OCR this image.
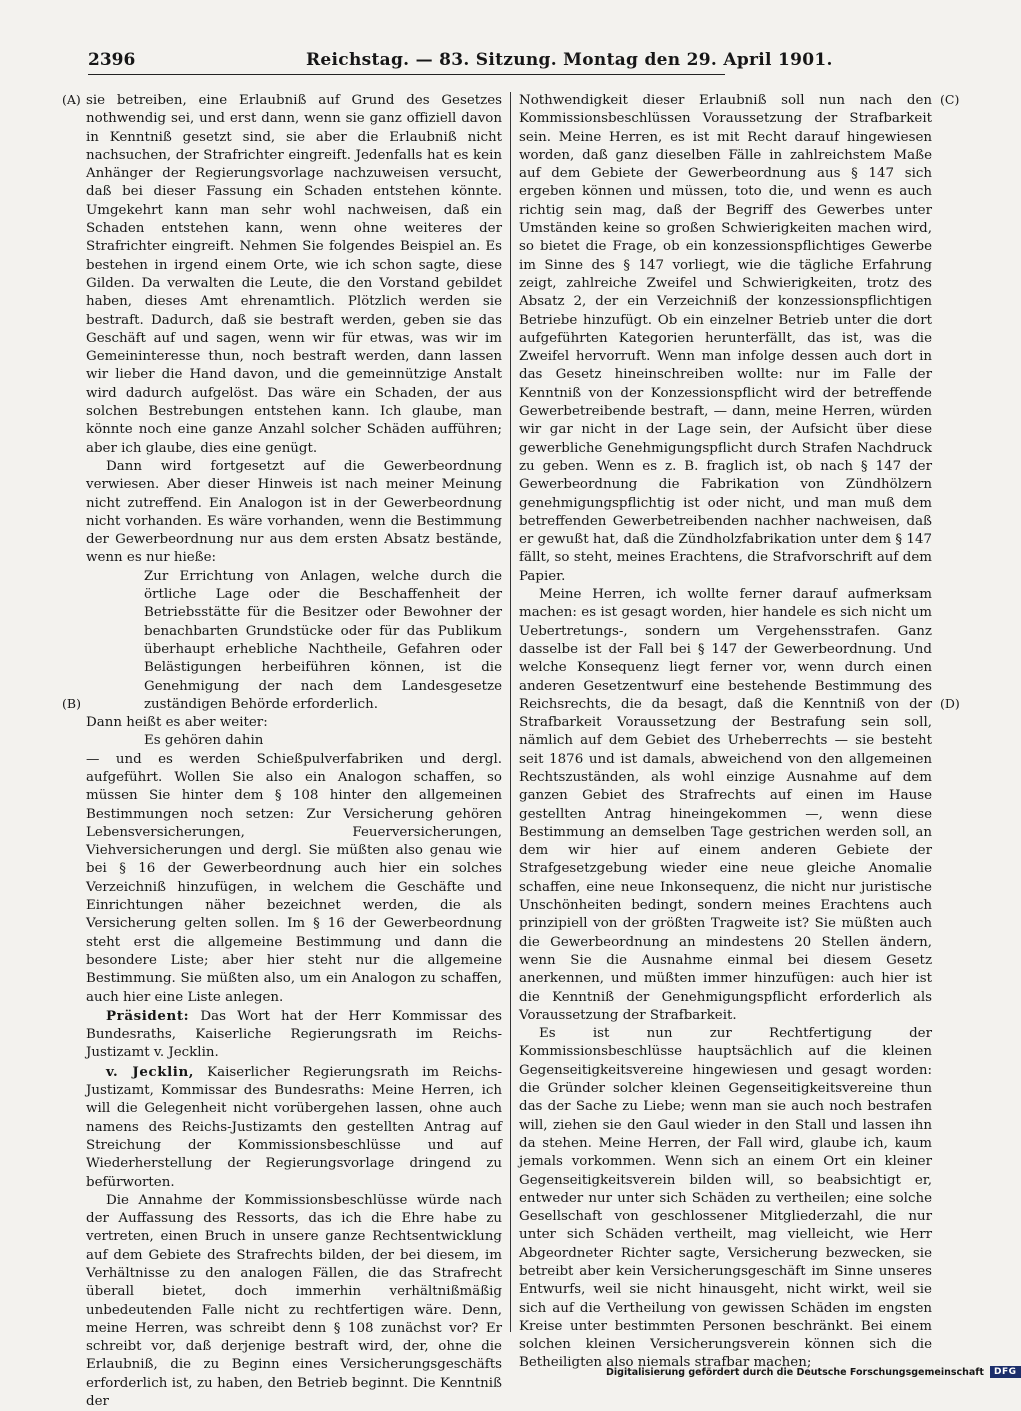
2396	Reichstag. — 83. Sitzung. Montag den 29. April 1901.
(A)
(B)
(C)
(D)

sie betreiben, eine Erlaubniß auf Grund des Gesetzes nothwendig sei, und erst dann, wenn sie ganz offiziell davon in Kenntniß gesetzt sind, sie aber die Erlaubniß nicht nachsuchen, der Strafrichter eingreift. Jedenfalls hat es kein Anhänger der Regierungsvorlage nachzuweisen versucht, daß bei dieser Fassung ein Schaden entstehen könnte. Umgekehrt kann man sehr wohl nachweisen, daß ein Schaden entstehen kann, wenn ohne weiteres der Strafrichter eingreift. Nehmen Sie folgendes Beispiel an. Es bestehen in irgend einem Orte, wie ich schon sagte, diese Gilden. Da verwalten die Leute, die den Vorstand gebildet haben, dieses Amt ehrenamtlich. Plötzlich werden sie bestraft. Dadurch, daß sie bestraft werden, geben sie das Geschäft auf und sagen, wenn wir für etwas, was wir im Gemeininteresse thun, noch bestraft werden, dann lassen wir lieber die Hand davon, und die gemeinnützige Anstalt wird dadurch aufgelöst. Das wäre ein Schaden, der aus solchen Bestrebungen entstehen kann. Ich glaube, man könnte noch eine ganze Anzahl solcher Schäden aufführen; aber ich glaube, dies eine genügt.

Dann wird fortgesetzt auf die Gewerbeordnung verwiesen. Aber dieser Hinweis ist nach meiner Meinung nicht zutreffend. Ein Analogon ist in der Gewerbeordnung nicht vorhanden. Es wäre vorhanden, wenn die Bestimmung der Gewerbeordnung nur aus dem ersten Absatz bestände, wenn es nur hieße:

Zur Errichtung von Anlagen, welche durch die örtliche Lage oder die Beschaffenheit der Betriebsstätte für die Besitzer oder Bewohner der benachbarten Grundstücke oder für das Publikum überhaupt erhebliche Nachtheile, Gefahren oder Belästigungen herbeiführen können, ist die Genehmigung der nach dem Landesgesetze zuständigen Behörde erforderlich.

Dann heißt es aber weiter:

Es gehören dahin

— und es werden Schießpulverfabriken und dergl. aufgeführt. Wollen Sie also ein Analogon schaffen, so müssen Sie hinter dem § 108 hinter den allgemeinen Bestimmungen noch setzen: Zur Versicherung gehören Lebensversicherungen, Feuerversicherungen, Viehversicherungen und dergl. Sie müßten also genau wie bei § 16 der Gewerbeordnung auch hier ein solches Verzeichniß hinzufügen, in welchem die Geschäfte und Einrichtungen näher bezeichnet werden, die als Versicherung gelten sollen. Im § 16 der Gewerbeordnung steht erst die allgemeine Bestimmung und dann die besondere Liste; aber hier steht nur die allgemeine Bestimmung. Sie müßten also, um ein Analogon zu schaffen, auch hier eine Liste anlegen.

Präsident: Das Wort hat der Herr Kommissar des Bundesraths, Kaiserliche Regierungsrath im Reichs-Justizamt v. Jecklin.

v. Jecklin, Kaiserlicher Regierungsrath im Reichs-Justizamt, Kommissar des Bundesraths: Meine Herren, ich will die Gelegenheit nicht vorübergehen lassen, ohne auch namens des Reichs-Justizamts den gestellten Antrag auf Streichung der Kommissionsbeschlüsse und auf Wiederherstellung der Regierungsvorlage dringend zu befürworten.

Die Annahme der Kommissionsbeschlüsse würde nach der Auffassung des Ressorts, das ich die Ehre habe zu vertreten, einen Bruch in unsere ganze Rechtsentwicklung auf dem Gebiete des Strafrechts bilden, der bei diesem, im Verhältnisse zu den analogen Fällen, die das Strafrecht überall bietet, doch immerhin verhältnißmäßig unbedeutenden Falle nicht zu rechtfertigen wäre. Denn, meine Herren, was schreibt denn § 108 zunächst vor? Er schreibt vor, daß derjenige bestraft wird, der, ohne die Erlaubniß, die zu Beginn eines Versicherungsgeschäfts erforderlich ist, zu haben, den Betrieb beginnt. Die Kenntniß der

Nothwendigkeit dieser Erlaubniß soll nun nach den Kommissionsbeschlüssen Voraussetzung der Strafbarkeit sein. Meine Herren, es ist mit Recht darauf hingewiesen worden, daß ganz dieselben Fälle in zahlreichstem Maße auf dem Gebiete der Gewerbeordnung aus § 147 sich ergeben können und müssen, toto die, und wenn es auch richtig sein mag, daß der Begriff des Gewerbes unter Umständen keine so großen Schwierigkeiten machen wird, so bietet die Frage, ob ein konzessionspflichtiges Gewerbe im Sinne des § 147 vorliegt, wie die tägliche Erfahrung zeigt, zahlreiche Zweifel und Schwierigkeiten, trotz des Absatz 2, der ein Verzeichniß der konzessionspflichtigen Betriebe hinzufügt. Ob ein einzelner Betrieb unter die dort aufgeführten Kategorien herunterfällt, das ist, was die Zweifel hervorruft. Wenn man infolge dessen auch dort in das Gesetz hineinschreiben wollte: nur im Falle der Kenntniß von der Konzessionspflicht wird der betreffende Gewerbetreibende bestraft, — dann, meine Herren, würden wir gar nicht in der Lage sein, der Aufsicht über diese gewerbliche Genehmigungspflicht durch Strafen Nachdruck zu geben. Wenn es z. B. fraglich ist, ob nach § 147 der Gewerbeordnung die Fabrikation von Zündhölzern genehmigungspflichtig ist oder nicht, und man muß dem betreffenden Gewerbetreibenden nachher nachweisen, daß er gewußt hat, daß die Zündholzfabrikation unter dem § 147 fällt, so steht, meines Erachtens, die Strafvorschrift auf dem Papier.

Meine Herren, ich wollte ferner darauf aufmerksam machen: es ist gesagt worden, hier handele es sich nicht um Uebertretungs-, sondern um Vergehensstrafen. Ganz dasselbe ist der Fall bei § 147 der Gewerbeordnung. Und welche Konsequenz liegt ferner vor, wenn durch einen anderen Gesetzentwurf eine bestehende Bestimmung des Reichsrechts, die da besagt, daß die Kenntniß von der Strafbarkeit Voraussetzung der Bestrafung sein soll, nämlich auf dem Gebiet des Urheberrechts — sie besteht seit 1876 und ist damals, abweichend von den allgemeinen Rechtszuständen, als wohl einzige Ausnahme auf dem ganzen Gebiet des Strafrechts auf einen im Hause gestellten Antrag hineingekommen —, wenn diese Bestimmung an demselben Tage gestrichen werden soll, an dem wir hier auf einem anderen Gebiete der Strafgesetzgebung wieder eine neue gleiche Anomalie schaffen, eine neue Inkonsequenz, die nicht nur juristische Unschönheiten bedingt, sondern meines Erachtens auch prinzipiell von der größten Tragweite ist? Sie müßten auch die Gewerbeordnung an mindestens 20 Stellen ändern, wenn Sie die Ausnahme einmal bei diesem Gesetz anerkennen, und müßten immer hinzufügen: auch hier ist die Kenntniß der Genehmigungspflicht erforderlich als Voraussetzung der Strafbarkeit.

Es ist nun zur Rechtfertigung der Kommissionsbeschlüsse hauptsächlich auf die kleinen Gegenseitigkeitsvereine hingewiesen und gesagt worden: die Gründer solcher kleinen Gegenseitigkeitsvereine thun das der Sache zu Liebe; wenn man sie auch noch bestrafen will, ziehen sie den Gaul wieder in den Stall und lassen ihn da stehen. Meine Herren, der Fall wird, glaube ich, kaum jemals vorkommen. Wenn sich an einem Ort ein kleiner Gegenseitigkeitsverein bilden will, so beabsichtigt er, entweder nur unter sich Schäden zu vertheilen; eine solche Gesellschaft von geschlossener Mitgliederzahl, die nur unter sich Schäden vertheilt, mag vielleicht, wie Herr Abgeordneter Richter sagte, Versicherung bezwecken, sie betreibt aber kein Versicherungsgeschäft im Sinne unseres Entwurfs, weil sie nicht hinausgeht, nicht wirkt, weil sie sich auf die Vertheilung von gewissen Schäden im engsten Kreise unter bestimmten Personen beschränkt. Bei einem solchen kleinen Versicherungsverein können sich die Betheiligten also niemals strafbar machen;

Digitalisierung gefördert durch die Deutsche Forschungsgemeinschaft	DFG
